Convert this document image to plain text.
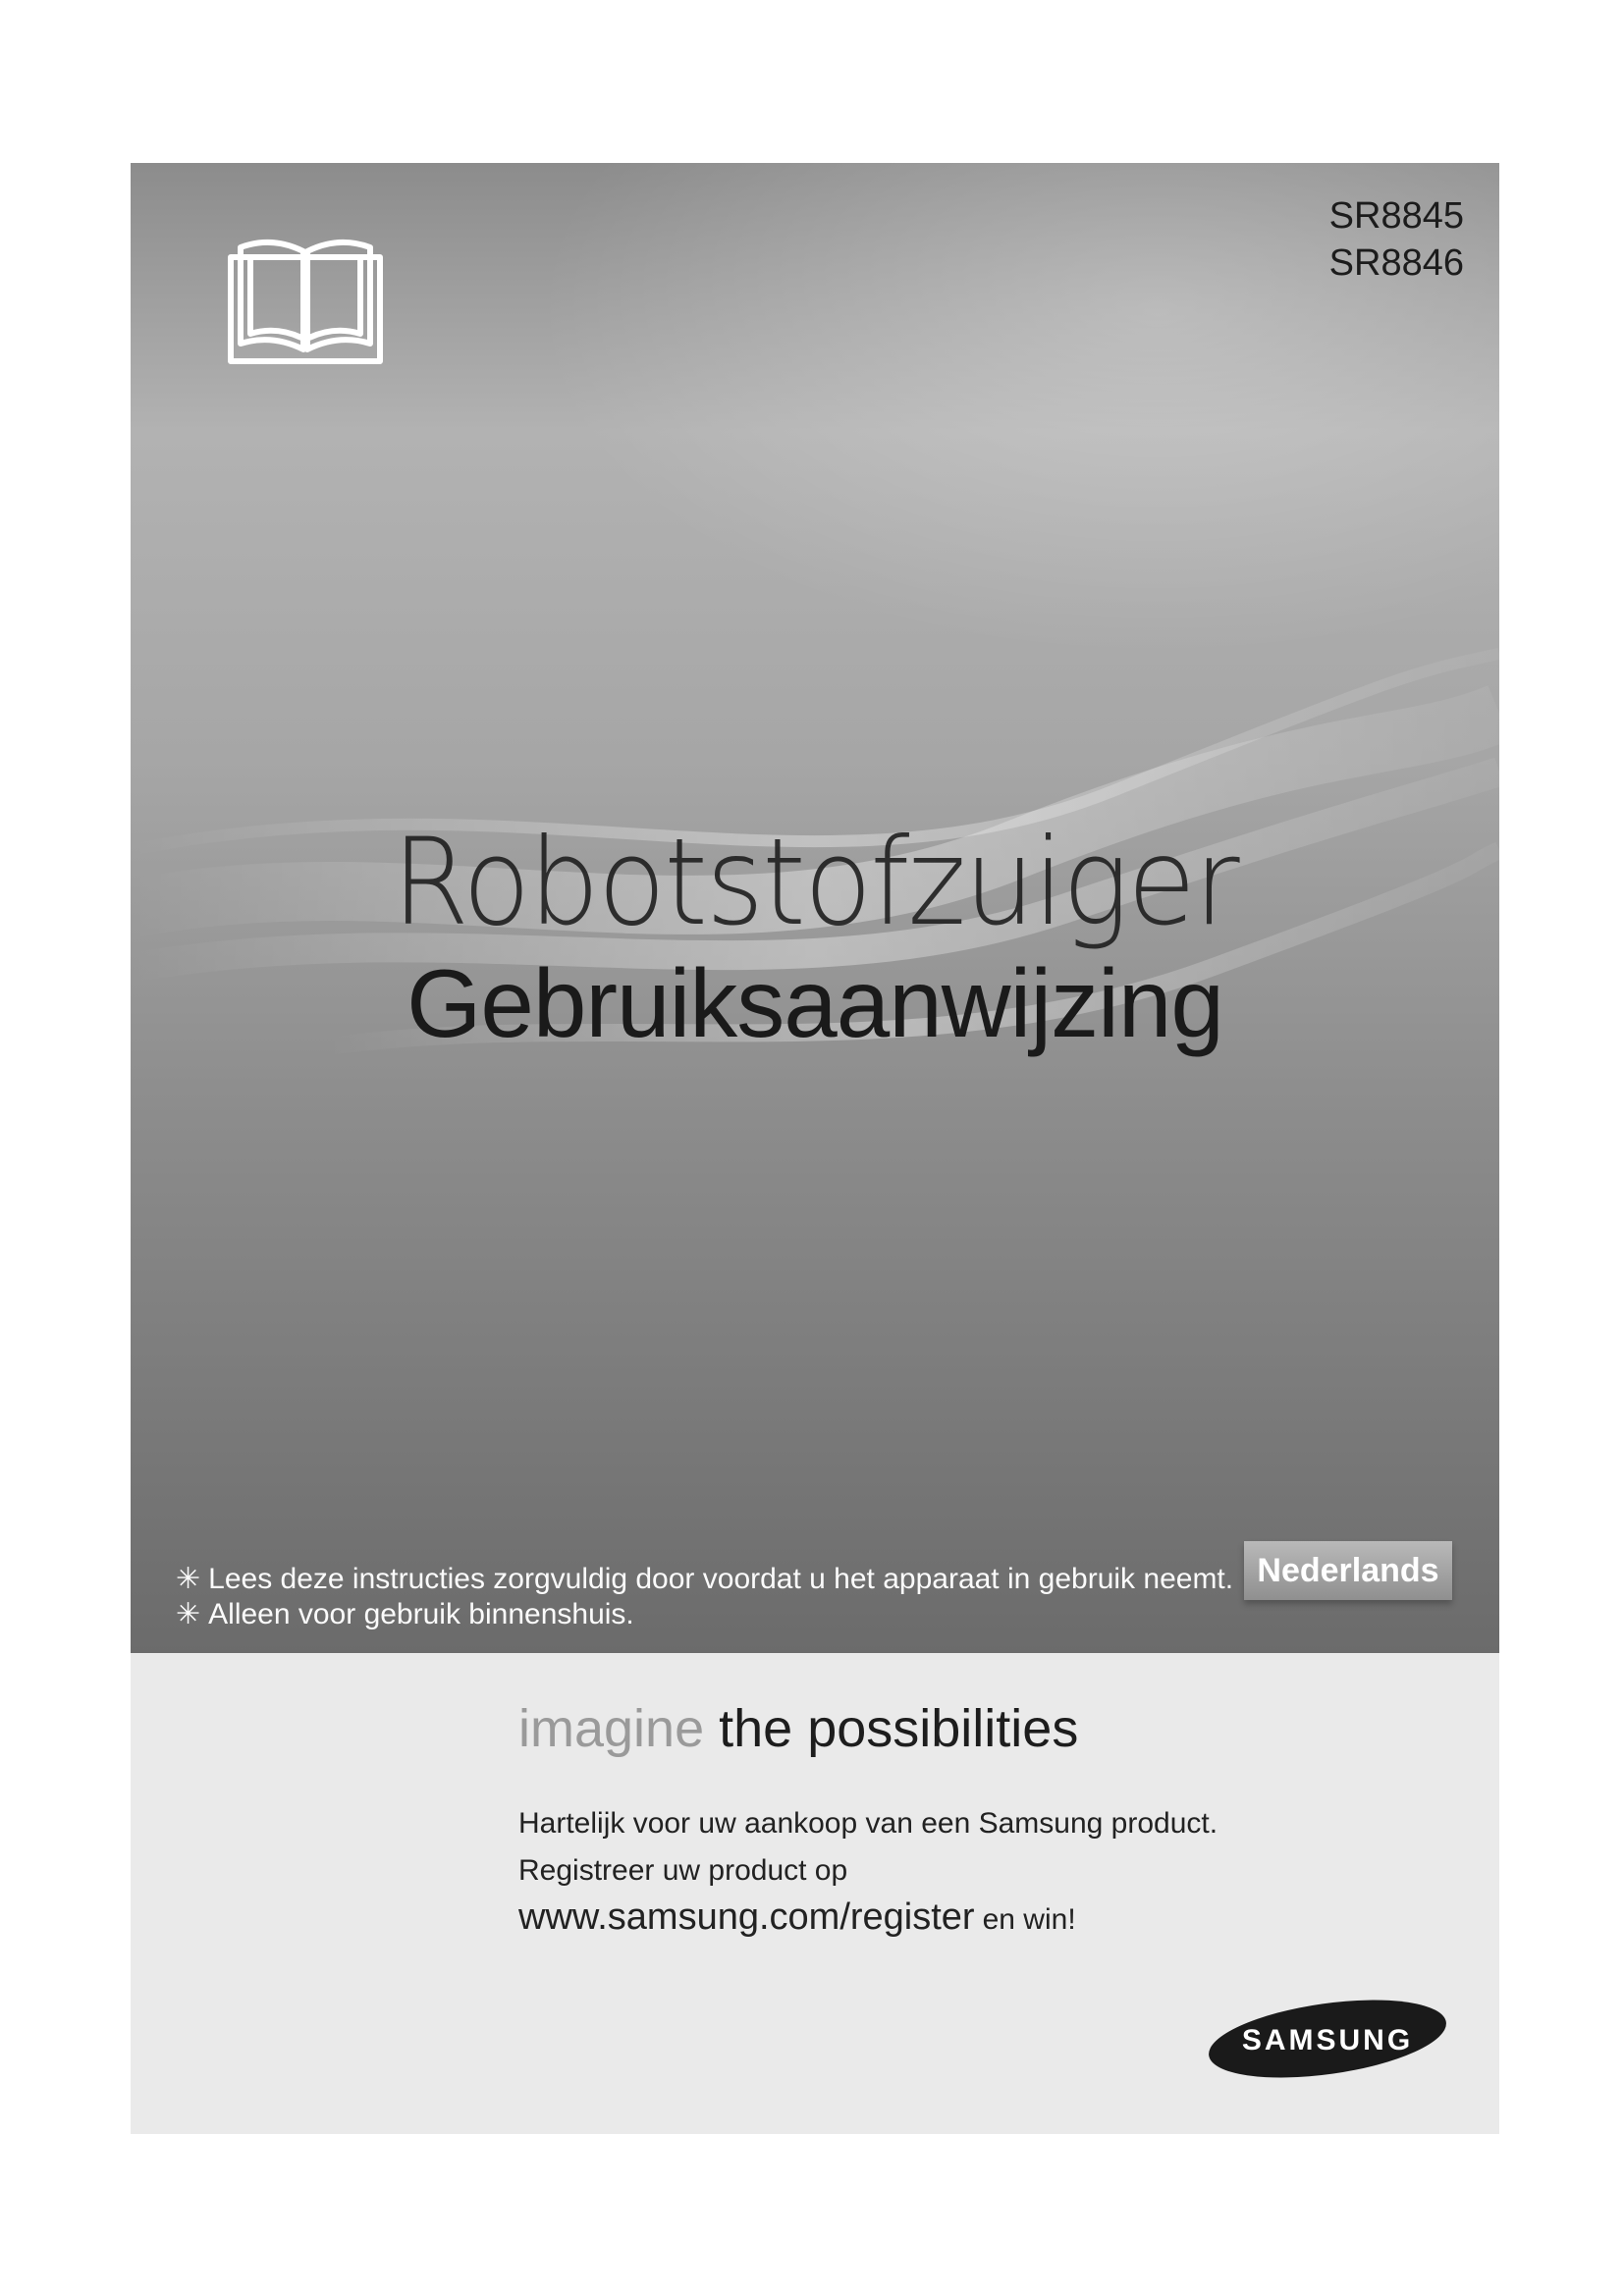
SR8845
SR8846
Robotstofzuiger
Gebruiksaanwijzing
✳ Lees deze instructies zorgvuldig door voordat u het apparaat in gebruik neemt.
✳ Alleen voor gebruik binnenshuis.
Nederlands
imagine the possibilities
Hartelijk voor uw aankoop van een Samsung product.
Registreer uw product op
www.samsung.com/register en win!
SAMSUNG
